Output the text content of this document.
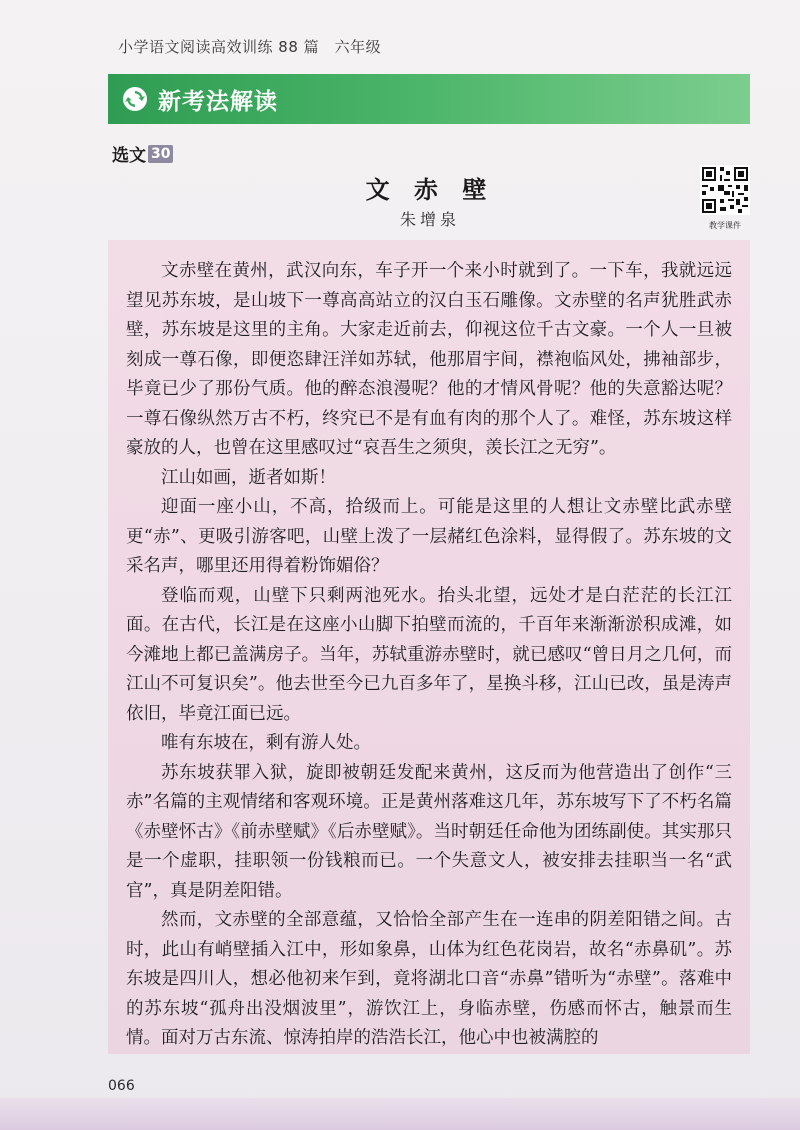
小学语文阅读高效训练 88 篇　六年级
新考法解读
选文 30
文 赤 壁
朱增泉	教学课件

文赤壁在黄州，武汉向东，车子开一个来小时就到了。一下车，我就远远望见苏东坡，是山坡下一尊高高站立的汉白玉石雕像。文赤壁的名声犹胜武赤壁，苏东坡是这里的主角。大家走近前去，仰视这位千古文豪。一个人一旦被刻成一尊石像，即便恣肆汪洋如苏轼，他那眉宇间，襟袍临风处，拂袖部步，毕竟已少了那份气质。他的醉态浪漫呢？他的才情风骨呢？他的失意豁达呢？一尊石像纵然万古不朽，终究已不是有血有肉的那个人了。难怪，苏东坡这样豪放的人，也曾在这里感叹过“哀吾生之须臾，羡长江之无穷”。

江山如画，逝者如斯！

迎面一座小山，不高，拾级而上。可能是这里的人想让文赤壁比武赤壁更“赤”、更吸引游客吧，山壁上泼了一层赭红色涂料，显得假了。苏东坡的文采名声，哪里还用得着粉饰媚俗？

登临而观，山壁下只剩两池死水。抬头北望，远处才是白茫茫的长江江面。在古代，长江是在这座小山脚下拍壁而流的，千百年来渐渐淤积成滩，如今滩地上都已盖满房子。当年，苏轼重游赤壁时，就已感叹“曾日月之几何，而江山不可复识矣”。他去世至今已九百多年了，星换斗移，江山已改，虽是涛声依旧，毕竟江面已远。

唯有东坡在，剩有游人处。

苏东坡获罪入狱，旋即被朝廷发配来黄州，这反而为他营造出了创作“三赤”名篇的主观情绪和客观环境。正是黄州落难这几年，苏东坡写下了不朽名篇《赤壁怀古》《前赤壁赋》《后赤壁赋》。当时朝廷任命他为团练副使。其实那只是一个虚职，挂职领一份钱粮而已。一个失意文人，被安排去挂职当一名“武官”，真是阴差阳错。

然而，文赤壁的全部意蕴，又恰恰全部产生在一连串的阴差阳错之间。古时，此山有峭壁插入江中，形如象鼻，山体为红色花岗岩，故名“赤鼻矶”。苏东坡是四川人，想必他初来乍到，竟将湖北口音“赤鼻”错听为“赤壁”。落难中的苏东坡“孤舟出没烟波里”，游饮江上，身临赤壁，伤感而怀古，触景而生情。面对万古东流、惊涛拍岸的浩浩长江，他心中也被满腔的

066
